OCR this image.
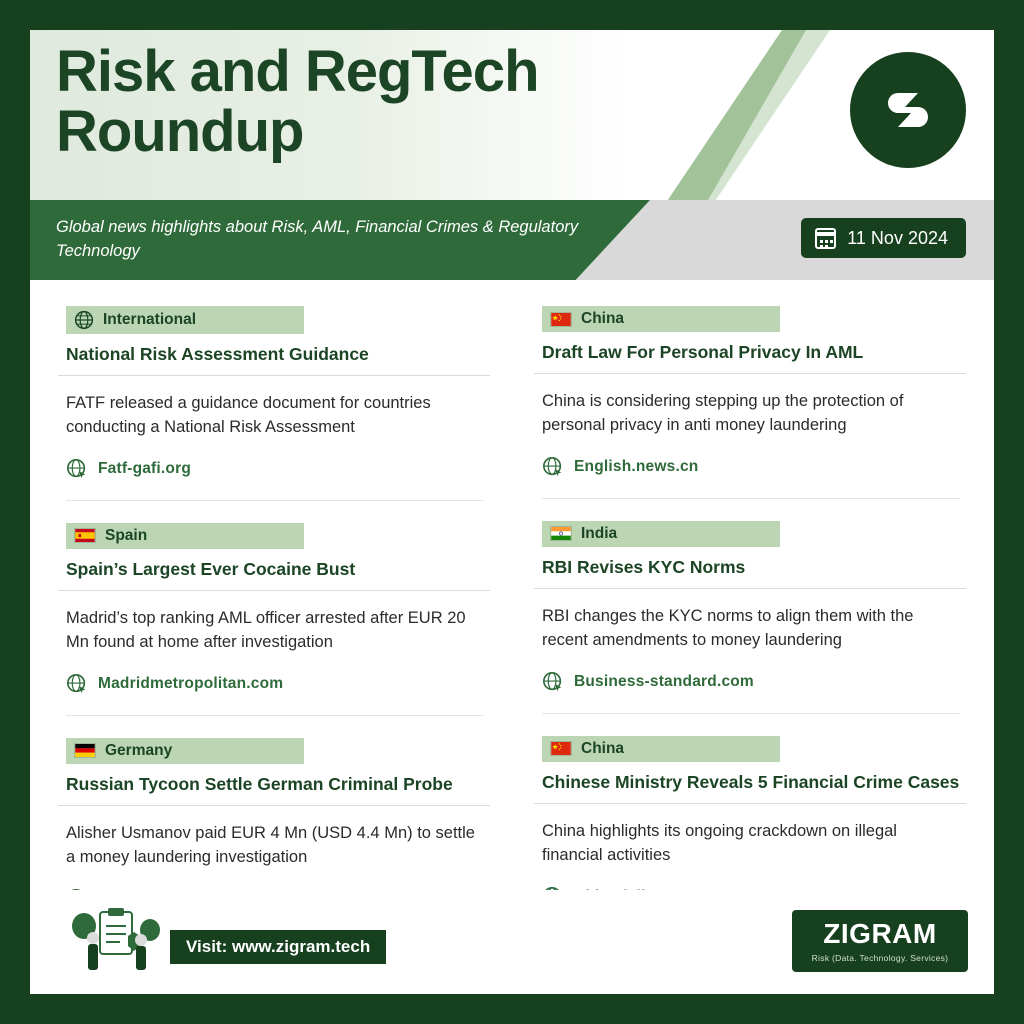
Risk and RegTech Roundup
Global news highlights about Risk, AML, Financial Crimes & Regulatory Technology
11 Nov 2024
International
National Risk Assessment Guidance
FATF released a guidance document for countries conducting a National Risk Assessment
Fatf-gafi.org
Spain
Spain’s Largest Ever Cocaine Bust
Madrid’s top ranking AML officer arrested after EUR 20 Mn found at home after investigation
Madridmetropolitan.com
Germany
Russian Tycoon Settle German Criminal Probe
Alisher Usmanov paid EUR 4 Mn (USD 4.4 Mn) to settle a money laundering investigation
China
Draft Law For Personal Privacy In AML
China is considering stepping up the protection of personal privacy in anti money laundering
English.news.cn
India
RBI Revises KYC Norms
RBI changes the KYC norms to align them with the recent amendments to money laundering
Business-standard.com
China
Chinese Ministry Reveals 5 Financial Crime Cases
China highlights its ongoing crackdown on illegal financial activities
Visit: www.zigram.tech	ZIGRAM
Risk (Data. Technology. Services)
